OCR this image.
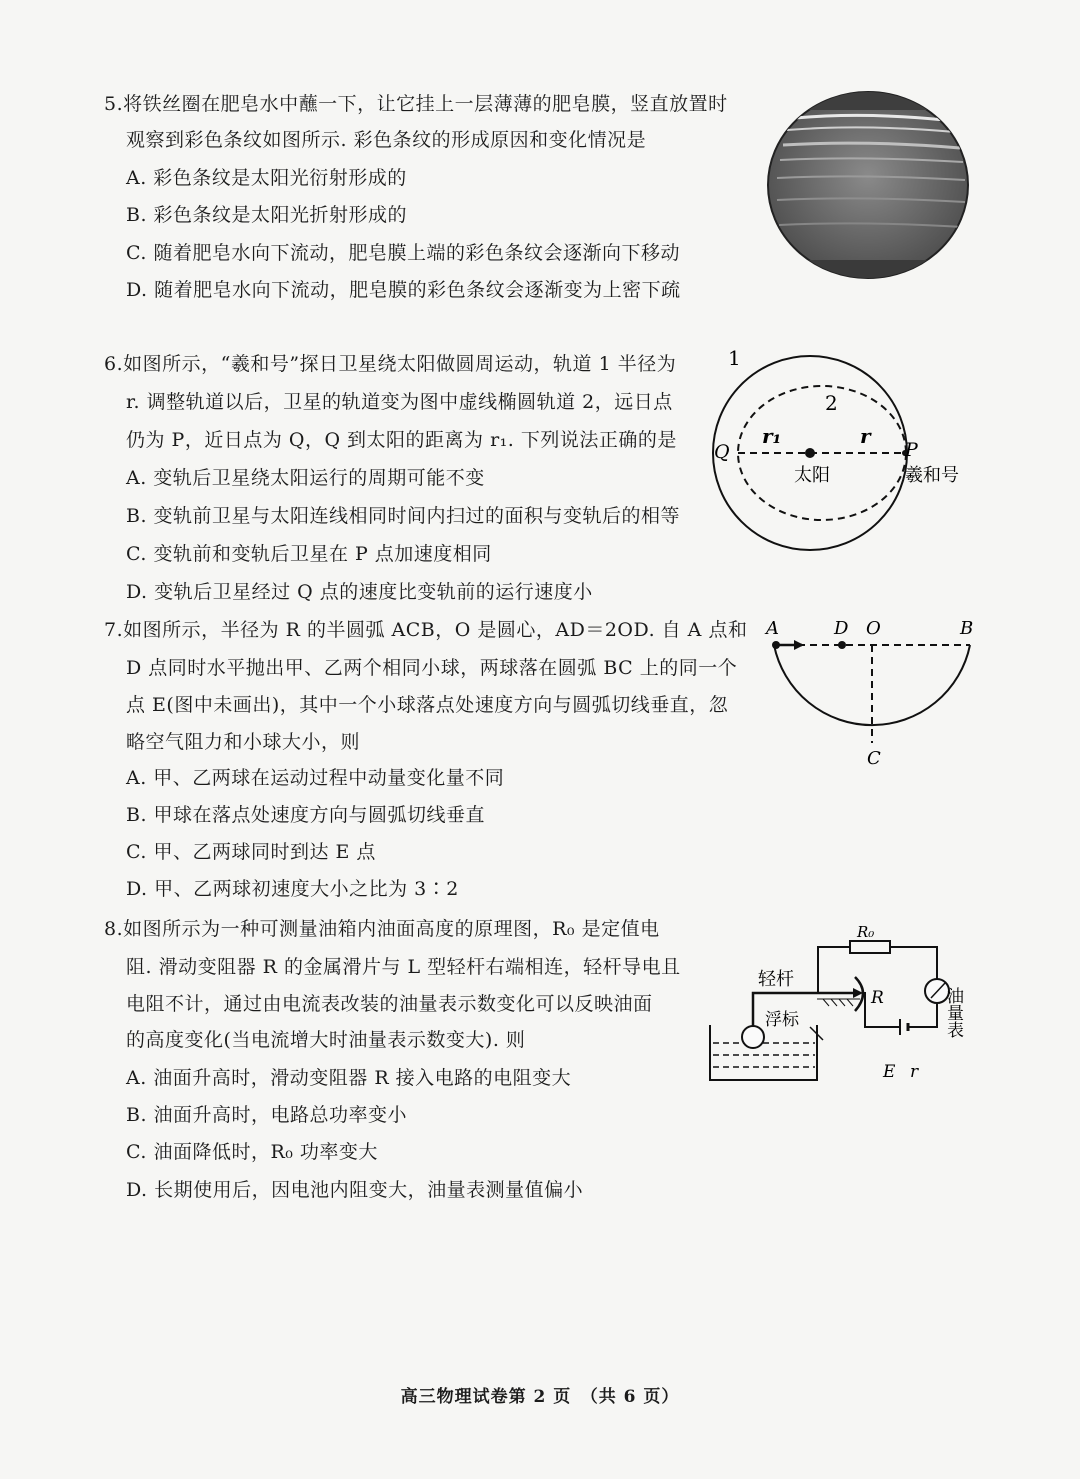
5.将铁丝圈在肥皂水中蘸一下，让它挂上一层薄薄的肥皂膜，竖直放置时
观察到彩色条纹如图所示. 彩色条纹的形成原因和变化情况是
A. 彩色条纹是太阳光衍射形成的
B. 彩色条纹是太阳光折射形成的
C. 随着肥皂水向下流动，肥皂膜上端的彩色条纹会逐渐向下移动
D. 随着肥皂水向下流动，肥皂膜的彩色条纹会逐渐变为上密下疏
6.如图所示，“羲和号”探日卫星绕太阳做圆周运动，轨道 1 半径为
r. 调整轨道以后，卫星的轨道变为图中虚线椭圆轨道 2，远日点
仍为 P，近日点为 Q，Q 到太阳的距离为 r₁. 下列说法正确的是
A. 变轨后卫星绕太阳运行的周期可能不变
B. 变轨前卫星与太阳连线相同时间内扫过的面积与变轨后的相等
C. 变轨前和变轨后卫星在 P 点加速度相同
D. 变轨后卫星经过 Q 点的速度比变轨前的运行速度小
1
2
Q	P
r₁	r
太阳	羲和号
7.如图所示，半径为 R 的半圆弧 ACB，O 是圆心，AD＝2OD. 自 A 点和
D 点同时水平抛出甲、乙两个相同小球，两球落在圆弧 BC 上的同一个
点 E(图中未画出)，其中一个小球落点处速度方向与圆弧切线垂直，忽
略空气阻力和小球大小，则
A. 甲、乙两球在运动过程中动量变化量不同
B. 甲球在落点处速度方向与圆弧切线垂直
C. 甲、乙两球同时到达 E 点
D. 甲、乙两球初速度大小之比为 3∶2
A	D O	B
C
8.如图所示为一种可测量油箱内油面高度的原理图，R₀ 是定值电
阻. 滑动变阻器 R 的金属滑片与 L 型轻杆右端相连，轻杆导电且
电阻不计，通过由电流表改装的油量表示数变化可以反映油面
的高度变化(当电流增大时油量表示数变大). 则
A. 油面升高时，滑动变阻器 R 接入电路的电阻变大
B. 油面升高时，电路总功率变小
C. 油面降低时，R₀ 功率变大
D. 长期使用后，因电池内阻变大，油量表测量值偏小
R₀
轻杆
R
浮标
E r
油量表
高三物理试卷第 2 页　（共 6 页）
